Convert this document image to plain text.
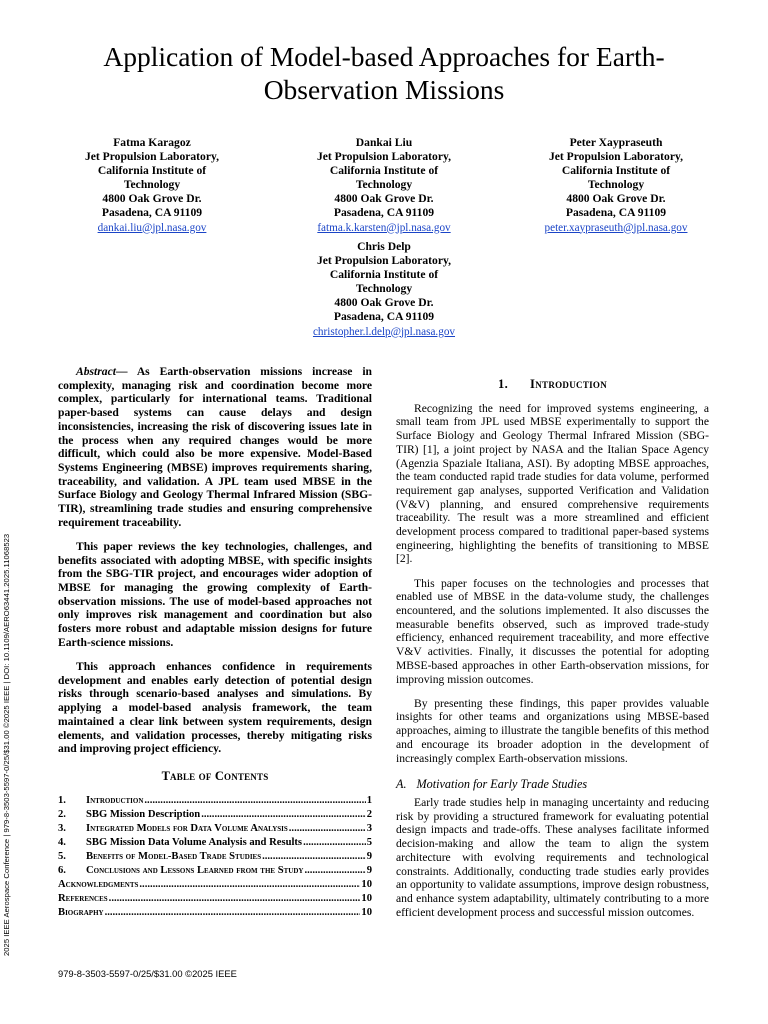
Application of Model-based Approaches for Earth-Observation Missions
Fatma Karagoz
Jet Propulsion Laboratory,
California Institute of
Technology
4800 Oak Grove Dr.
Pasadena, CA 91109
dankai.liu@jpl.nasa.gov
Dankai Liu
Jet Propulsion Laboratory,
California Institute of
Technology
4800 Oak Grove Dr.
Pasadena, CA 91109
fatma.k.karsten@jpl.nasa.gov
Peter Xaypraseuth
Jet Propulsion Laboratory,
California Institute of
Technology
4800 Oak Grove Dr.
Pasadena, CA 91109
peter.xaypraseuth@jpl.nasa.gov
Chris Delp
Jet Propulsion Laboratory,
California Institute of
Technology
4800 Oak Grove Dr.
Pasadena, CA 91109
christopher.l.delp@jpl.nasa.gov
2025 IEEE Aerospace Conference | 979-8-3503-5597-0/25/$31.00 ©2025 IEEE | DOI: 10.1109/AERO63441.2025.11068523

Abstract— As Earth-observation missions increase in complexity, managing risk and coordination become more complex, particularly for international teams. Traditional paper-based systems can cause delays and design inconsistencies, increasing the risk of discovering issues late in the process when any required changes would be more difficult, which could also be more expensive. Model-Based Systems Engineering (MBSE) improves requirements sharing, traceability, and validation. A JPL team used MBSE in the Surface Biology and Geology Thermal Infrared Mission (SBG-TIR), streamlining trade studies and ensuring comprehensive requirement traceability.

This paper reviews the key technologies, challenges, and benefits associated with adopting MBSE, with specific insights from the SBG-TIR project, and encourages wider adoption of MBSE for managing the growing complexity of Earth-observation missions. The use of model-based approaches not only improves risk management and coordination but also fosters more robust and adaptable mission designs for future Earth-science missions.

This approach enhances confidence in requirements development and enables early detection of potential design risks through scenario-based analyses and simulations. By applying a model-based analysis framework, the team maintained a clear link between system requirements, design elements, and validation processes, thereby mitigating risks and improving project efficiency.

Table of Contents
1.	Introduction .....	1
2.	SBG Mission Description .....	2
3.	Integrated Models for Data Volume Analysis .....	3
4.	SBG Mission Data Volume Analysis and Results .....	5
5.	Benefits of Model-Based Trade Studies .....	9
6.	Conclusions and Lessons Learned from the Study .....	9
Acknowledgments .....	10
References .....	10
Biography .....	10
1. Introduction

Recognizing the need for improved systems engineering, a small team from JPL used MBSE experimentally to support the Surface Biology and Geology Thermal Infrared Mission (SBG-TIR) [1], a joint project by NASA and the Italian Space Agency (Agenzia Spaziale Italiana, ASI). By adopting MBSE approaches, the team conducted rapid trade studies for data volume, performed requirement gap analyses, supported Verification and Validation (V&V) planning, and ensured comprehensive requirements traceability. The result was a more streamlined and efficient development process compared to traditional paper-based systems engineering, highlighting the benefits of transitioning to MBSE [2].

This paper focuses on the technologies and processes that enabled use of MBSE in the data-volume study, the challenges encountered, and the solutions implemented. It also discusses the measurable benefits observed, such as improved trade-study efficiency, enhanced requirement traceability, and more effective V&V activities. Finally, it discusses the potential for adopting MBSE-based approaches in other Earth-observation missions, for improving mission outcomes.

By presenting these findings, this paper provides valuable insights for other teams and organizations using MBSE-based approaches, aiming to illustrate the tangible benefits of this method and encourage its broader adoption in the development of increasingly complex Earth-observation missions.

A. Motivation for Early Trade Studies

Early trade studies help in managing uncertainty and reducing risk by providing a structured framework for evaluating potential design impacts and trade-offs. These analyses facilitate informed decision-making and allow the team to align the system architecture with evolving requirements and technological constraints. Additionally, conducting trade studies early provides an opportunity to validate assumptions, improve design robustness, and enhance system adaptability, ultimately contributing to a more efficient development process and successful mission outcomes.

979-8-3503-5597-0/25/$31.00 ©2025 IEEE
